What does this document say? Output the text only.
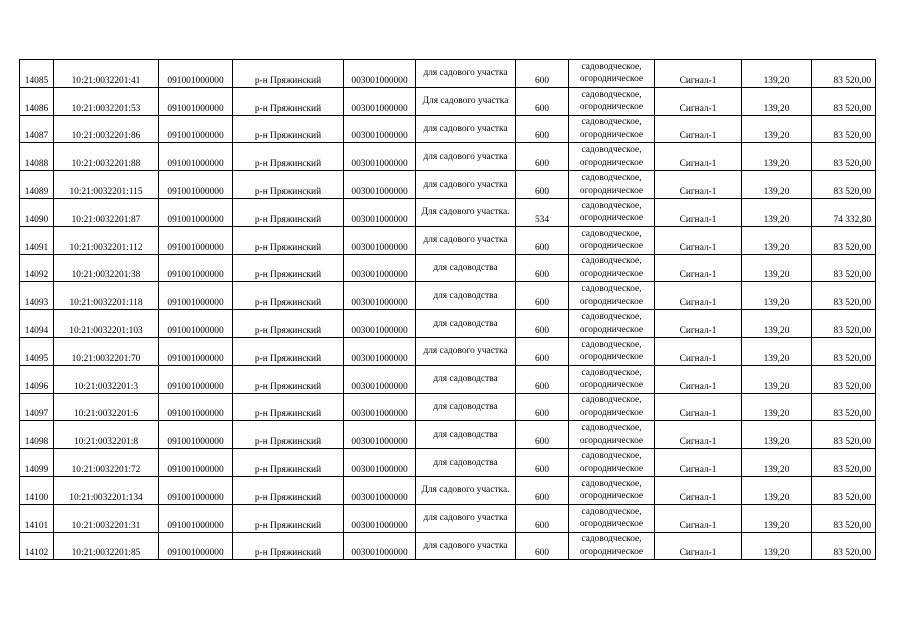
14085	10:21:0032201:41	091001000000	р-н Пряжинский	003001000000	для садового участка	600	садоводческое, огородническое	Сигнал-1	139,20	83 520,00
14086	10:21:0032201:53	091001000000	р-н Пряжинский	003001000000	Для садового участка	600	садоводческое, огородническое	Сигнал-1	139,20	83 520,00
14087	10:21:0032201:86	091001000000	р-н Пряжинский	003001000000	для садового участка	600	садоводческое, огородническое	Сигнал-1	139,20	83 520,00
14088	10:21:0032201:88	091001000000	р-н Пряжинский	003001000000	для садового участка	600	садоводческое, огородническое	Сигнал-1	139,20	83 520,00
14089	10:21:0032201:115	091001000000	р-н Пряжинский	003001000000	для садового участка	600	садоводческое, огородническое	Сигнал-1	139,20	83 520,00
14090	10:21:0032201:87	091001000000	р-н Пряжинский	003001000000	Для садового участка.	534	садоводческое, огородническое	Сигнал-1	139,20	74 332,80
14091	10:21:0032201:112	091001000000	р-н Пряжинский	003001000000	для садового участка	600	садоводческое, огородническое	Сигнал-1	139,20	83 520,00
14092	10:21:0032201:38	091001000000	р-н Пряжинский	003001000000	для садоводства	600	садоводческое, огородническое	Сигнал-1	139,20	83 520,00
14093	10:21:0032201:118	091001000000	р-н Пряжинский	003001000000	для садоводства	600	садоводческое, огородническое	Сигнал-1	139,20	83 520,00
14094	10:21:0032201:103	091001000000	р-н Пряжинский	003001000000	для садоводства	600	садоводческое, огородническое	Сигнал-1	139,20	83 520,00
14095	10:21:0032201:70	091001000000	р-н Пряжинский	003001000000	для садового участка	600	садоводческое, огородническое	Сигнал-1	139,20	83 520,00
14096	10:21:0032201:3	091001000000	р-н Пряжинский	003001000000	для садоводства	600	садоводческое, огородническое	Сигнал-1	139,20	83 520,00
14097	10:21:0032201:6	091001000000	р-н Пряжинский	003001000000	для садоводства	600	садоводческое, огородническое	Сигнал-1	139,20	83 520,00
14098	10:21:0032201:8	091001000000	р-н Пряжинский	003001000000	для садоводства	600	садоводческое, огородническое	Сигнал-1	139,20	83 520,00
14099	10:21:0032201:72	091001000000	р-н Пряжинский	003001000000	для садоводства	600	садоводческое, огородническое	Сигнал-1	139,20	83 520,00
14100	10:21:0032201:134	091001000000	р-н Пряжинский	003001000000	Для садового участка.	600	садоводческое, огородническое	Сигнал-1	139,20	83 520,00
14101	10:21:0032201:31	091001000000	р-н Пряжинский	003001000000	для садового участка	600	садоводческое, огородническое	Сигнал-1	139,20	83 520,00
14102	10:21:0032201:85	091001000000	р-н Пряжинский	003001000000	для садового участка	600	садоводческое, огородническое	Сигнал-1	139,20	83 520,00
